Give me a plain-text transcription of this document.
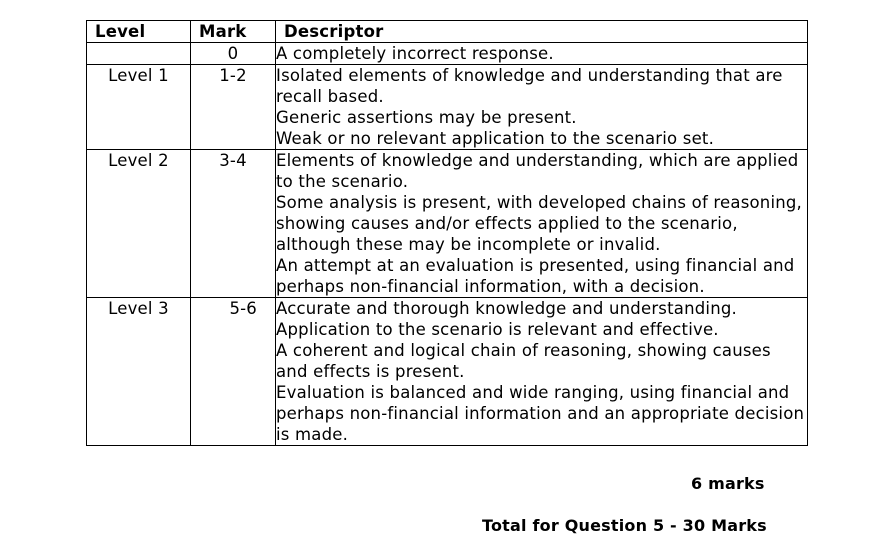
Level	Mark	Descriptor
	0	A completely incorrect response.

Level 1	1-2	Isolated elements of knowledge and understanding that are recall based.
Generic assertions may be present.
Weak or no relevant application to the scenario set.

Level 2	3-4	Elements of knowledge and understanding, which are applied to the scenario.
Some analysis is present, with developed chains of reasoning, showing causes and/or effects applied to the scenario, although these may be incomplete or invalid.
An attempt at an evaluation is presented, using financial and perhaps non-financial information, with a decision.

Level 3	5-6	Accurate and thorough knowledge and understanding.
Application to the scenario is relevant and effective.
A coherent and logical chain of reasoning, showing causes and effects is present.
Evaluation is balanced and wide ranging, using financial and perhaps non-financial information and an appropriate decision is made.
6 marks
Total for Question 5 - 30 Marks
